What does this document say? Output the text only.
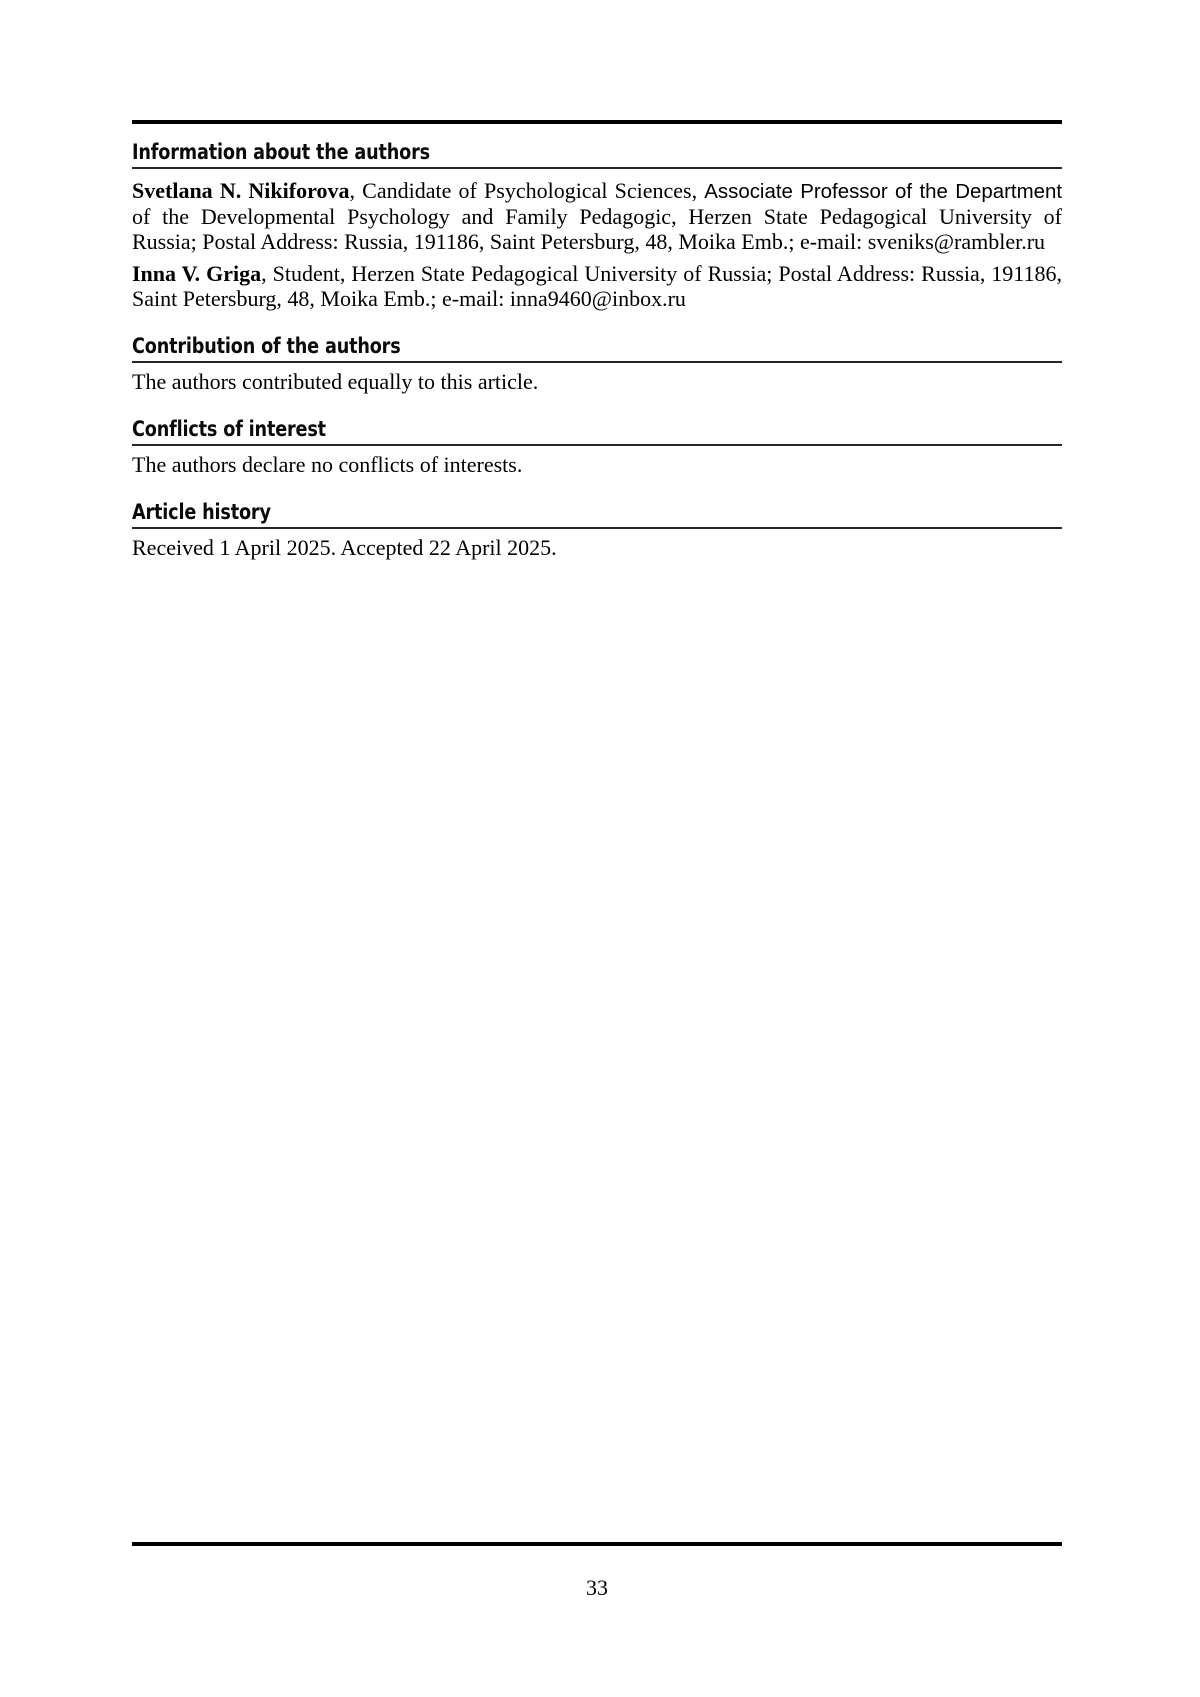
Information about the authors

Svetlana N. Nikiforova, Candidate of Psychological Sciences, Associate Professor of the Department of the Developmental Psychology and Family Pedagogic, Herzen State Pedagogical University of Russia; Postal Address: Russia, 191186, Saint Petersburg, 48, Moika Emb.; e-mail: sveniks@rambler.ru

Inna V. Griga, Student, Herzen State Pedagogical University of Russia; Postal Address: Russia, 191186, Saint Petersburg, 48, Moika Emb.; e-mail: inna9460@inbox.ru

Contribution of the authors

The authors contributed equally to this article.

Conflicts of interest

The authors declare no conflicts of interests.

Article history

Received 1 April 2025. Accepted 22 April 2025.

33
